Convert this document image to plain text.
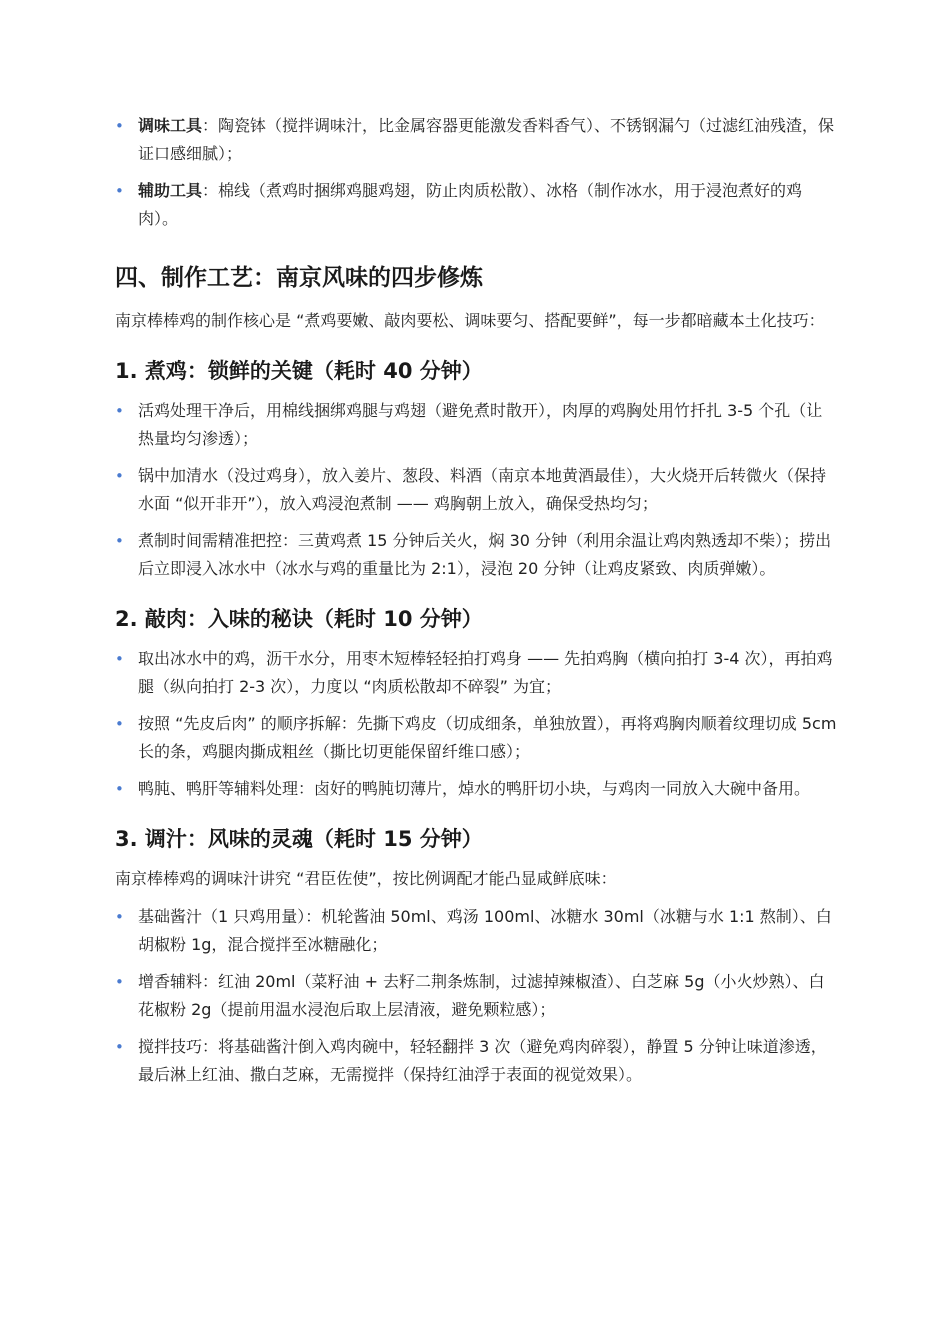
• 调味工具：陶瓷钵（搅拌调味汁，比金属容器更能激发香料香气）、不锈钢漏勺（过滤红油残渣，保证口感细腻）；
• 辅助工具：棉线（煮鸡时捆绑鸡腿鸡翅，防止肉质松散）、冰格（制作冰水，用于浸泡煮好的鸡肉）。
四、制作工艺：南京风味的四步修炼

南京棒棒鸡的制作核心是 “煮鸡要嫩、敲肉要松、调味要匀、搭配要鲜”，每一步都暗藏本土化技巧：

1. 煮鸡：锁鲜的关键（耗时 40 分钟）
• 活鸡处理干净后，用棉线捆绑鸡腿与鸡翅（避免煮时散开），肉厚的鸡胸处用竹扦扎 3-5 个孔（让热量均匀渗透）；
• 锅中加清水（没过鸡身），放入姜片、葱段、料酒（南京本地黄酒最佳），大火烧开后转微火（保持水面 “似开非开”），放入鸡浸泡煮制 —— 鸡胸朝上放入，确保受热均匀；
• 煮制时间需精准把控：三黄鸡煮 15 分钟后关火，焖 30 分钟（利用余温让鸡肉熟透却不柴）；捞出后立即浸入冰水中（冰水与鸡的重量比为 2:1），浸泡 20 分钟（让鸡皮紧致、肉质弹嫩）。
2. 敲肉：入味的秘诀（耗时 10 分钟）
• 取出冰水中的鸡，沥干水分，用枣木短棒轻轻拍打鸡身 —— 先拍鸡胸（横向拍打 3-4 次），再拍鸡腿（纵向拍打 2-3 次），力度以 “肉质松散却不碎裂” 为宜；
• 按照 “先皮后肉” 的顺序拆解：先撕下鸡皮（切成细条，单独放置），再将鸡胸肉顺着纹理切成 5cm 长的条，鸡腿肉撕成粗丝（撕比切更能保留纤维口感）；
• 鸭肫、鸭肝等辅料处理：卤好的鸭肫切薄片，焯水的鸭肝切小块，与鸡肉一同放入大碗中备用。
3. 调汁：风味的灵魂（耗时 15 分钟）

南京棒棒鸡的调味汁讲究 “君臣佐使”，按比例调配才能凸显咸鲜底味：

• 基础酱汁（1 只鸡用量）：机轮酱油 50ml、鸡汤 100ml、冰糖水 30ml（冰糖与水 1:1 熬制）、白胡椒粉 1g，混合搅拌至冰糖融化；
• 增香辅料：红油 20ml（菜籽油 + 去籽二荆条炼制，过滤掉辣椒渣）、白芝麻 5g（小火炒熟）、白花椒粉 2g（提前用温水浸泡后取上层清液，避免颗粒感）；
• 搅拌技巧：将基础酱汁倒入鸡肉碗中，轻轻翻拌 3 次（避免鸡肉碎裂），静置 5 分钟让味道渗透，最后淋上红油、撒白芝麻，无需搅拌（保持红油浮于表面的视觉效果）。
